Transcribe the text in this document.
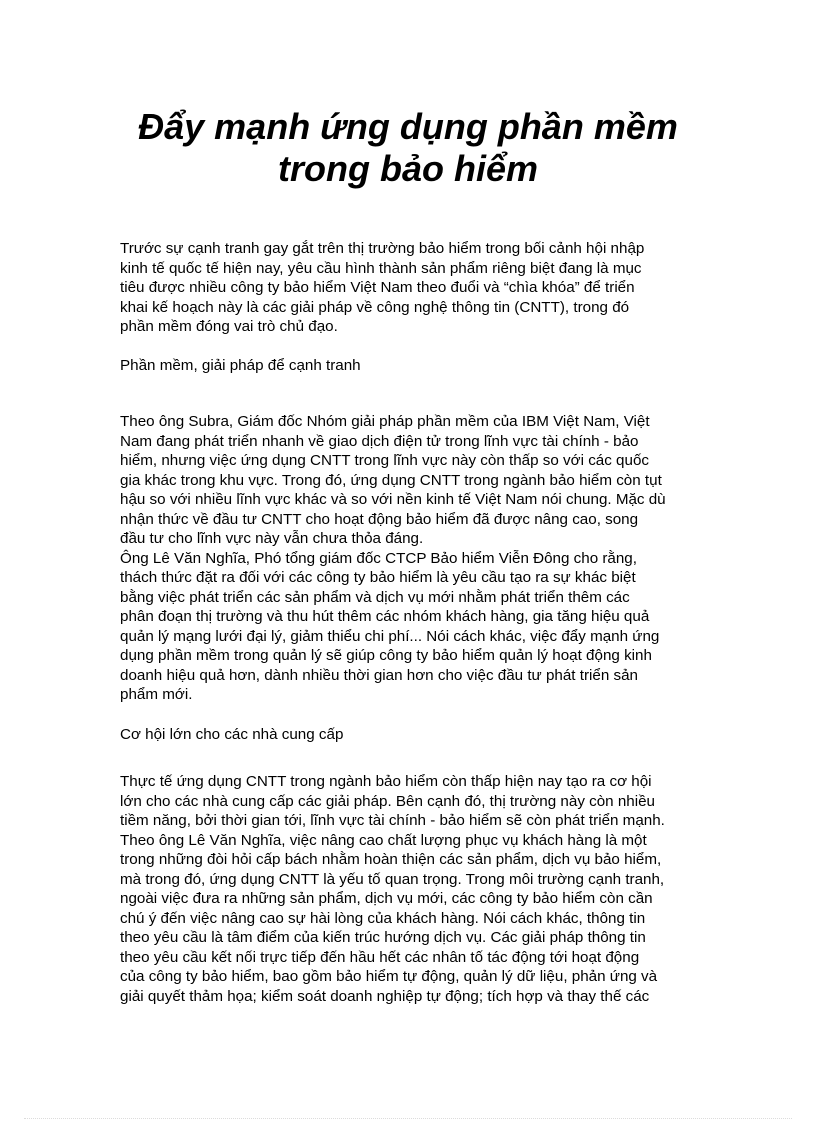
Đẩy mạnh ứng dụng phần mềm
trong bảo hiểm
Trước sự cạnh tranh gay gắt trên thị trường bảo hiểm trong bối cảnh hội nhập
kinh tế quốc tế hiện nay, yêu cầu hình thành sản phẩm riêng biệt đang là mục
tiêu được nhiều công ty bảo hiểm Việt Nam theo đuổi và “chìa khóa” để triển
khai kế hoạch này là các giải pháp về công nghệ thông tin (CNTT), trong đó
phần mềm đóng vai trò chủ đạo.
Phần mềm, giải pháp để cạnh tranh
Theo ông Subra, Giám đốc Nhóm giải pháp phần mềm của IBM Việt Nam, Việt
Nam đang phát triển nhanh về giao dịch điện tử trong lĩnh vực tài chính - bảo
hiểm, nhưng việc ứng dụng CNTT trong lĩnh vực này còn thấp so với các quốc
gia khác trong khu vực. Trong đó, ứng dụng CNTT trong ngành bảo hiểm còn tụt
hậu so với nhiều lĩnh vực khác và so với nền kinh tế Việt Nam nói chung. Mặc dù
nhận thức về đầu tư CNTT cho hoạt động bảo hiểm đã được nâng cao, song
đầu tư cho lĩnh vực này vẫn chưa thỏa đáng.
Ông Lê Văn Nghĩa, Phó tổng giám đốc CTCP Bảo hiểm Viễn Đông cho rằng,
thách thức đặt ra đối với các công ty bảo hiểm là yêu cầu tạo ra sự khác biệt
bằng việc phát triển các sản phẩm và dịch vụ mới nhằm phát triển thêm các
phân đoạn thị trường và thu hút thêm các nhóm khách hàng, gia tăng hiệu quả
quản lý mạng lưới đại lý, giảm thiểu chi phí... Nói cách khác, việc đẩy mạnh ứng
dụng phần mềm trong quản lý sẽ giúp công ty bảo hiểm quản lý hoạt động kinh
doanh hiệu quả hơn, dành nhiều thời gian hơn cho việc đầu tư phát triển sản
phẩm mới.
Cơ hội lớn cho các nhà cung cấp
Thực tế ứng dụng CNTT trong ngành bảo hiểm còn thấp hiện nay tạo ra cơ hội
lớn cho các nhà cung cấp các giải pháp. Bên cạnh đó, thị trường này còn nhiều
tiềm năng, bởi thời gian tới, lĩnh vực tài chính - bảo hiểm sẽ còn phát triển mạnh.
Theo ông Lê Văn Nghĩa, việc nâng cao chất lượng phục vụ khách hàng là một
trong những đòi hỏi cấp bách nhằm hoàn thiện các sản phẩm, dịch vụ bảo hiểm,
mà trong đó, ứng dụng CNTT là yếu tố quan trọng. Trong môi trường cạnh tranh,
ngoài việc đưa ra những sản phẩm, dịch vụ mới, các công ty bảo hiểm còn cần
chú ý đến việc nâng cao sự hài lòng của khách hàng. Nói cách khác, thông tin
theo yêu cầu là tâm điểm của kiến trúc hướng dịch vụ. Các giải pháp thông tin
theo yêu cầu kết nối trực tiếp đến hầu hết các nhân tố tác động tới hoạt động
của công ty bảo hiểm, bao gồm bảo hiểm tự động, quản lý dữ liệu, phản ứng và
giải quyết thảm họa; kiểm soát doanh nghiệp tự động; tích hợp và thay thế các
